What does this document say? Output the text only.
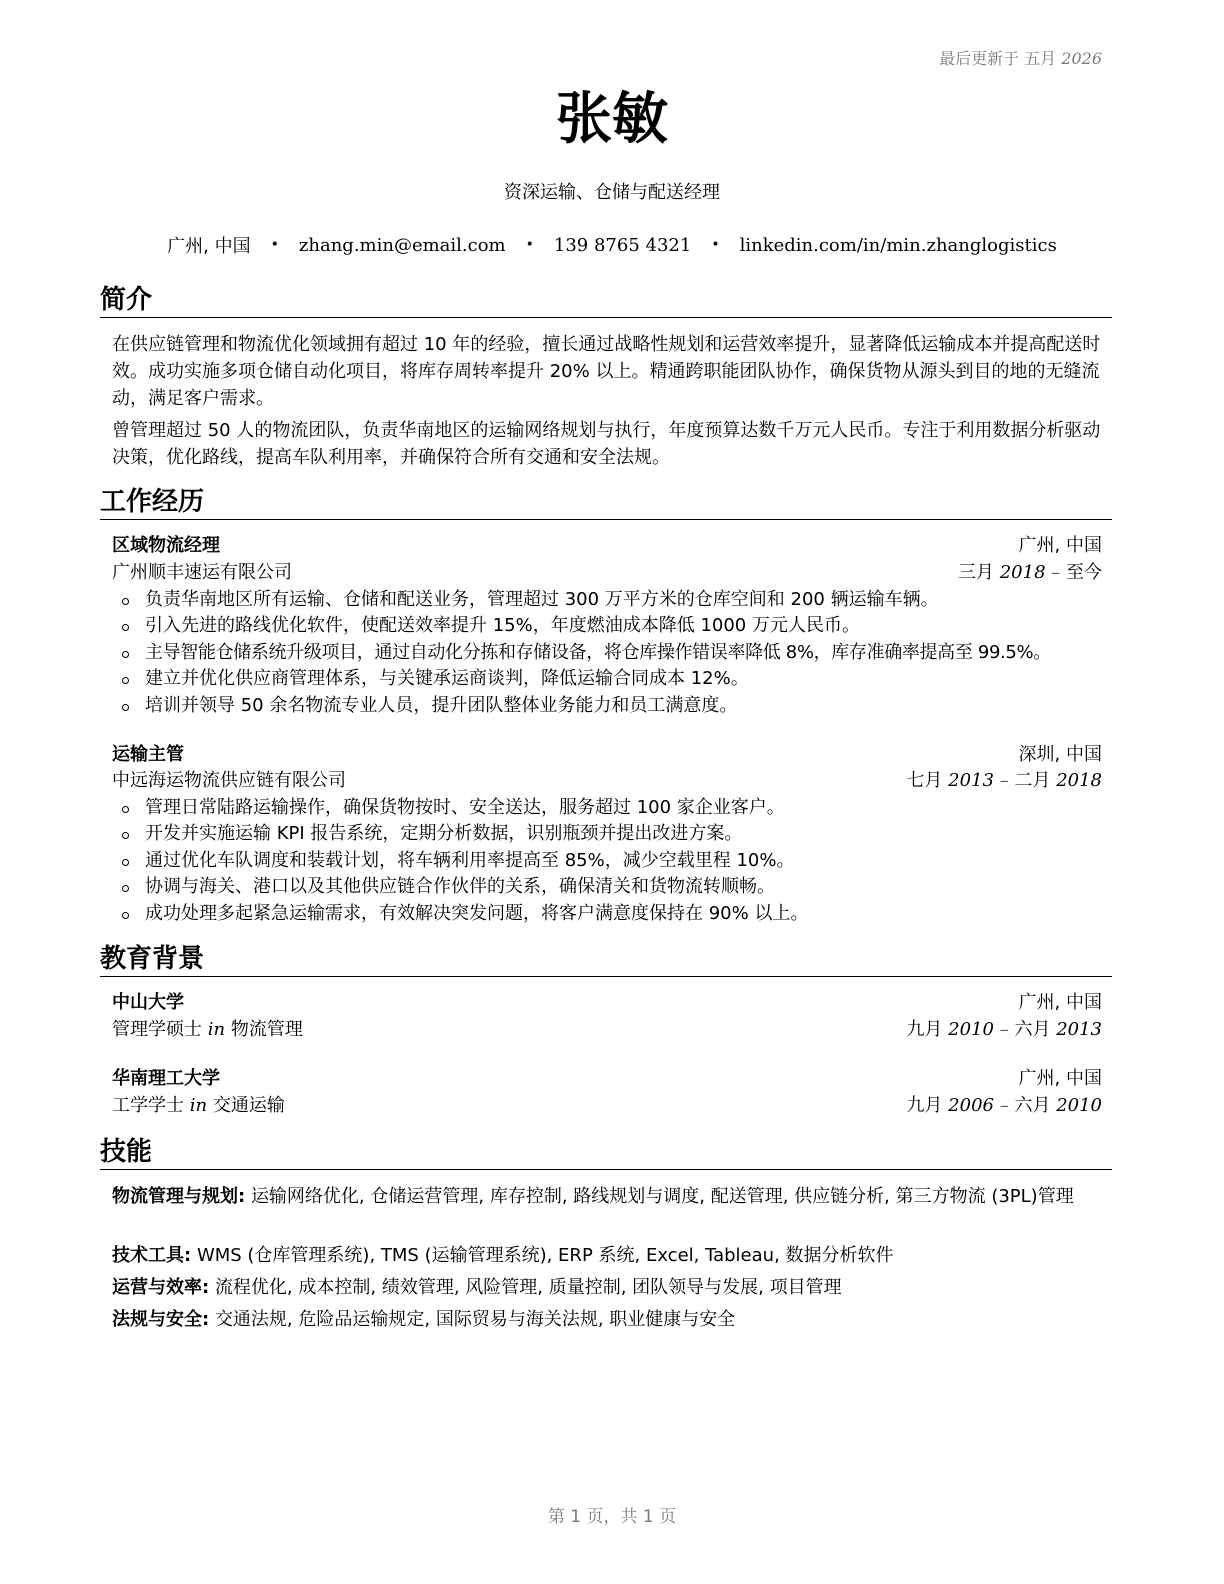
最后更新于 五月 2026
张敏
资深运输、仓储与配送经理
广州, 中国	•	zhang.min@email.com	•	139 8765 4321	•	linkedin.com/in/min.zhanglogistics
简介

在供应链管理和物流优化领域拥有超过 10 年的经验，擅长通过战略性规划和运营效率提升，显著降低运输成本并提高配送时效。成功实施多项仓储自动化项目，将库存周转率提升 20% 以上。精通跨职能团队协作，确保货物从源头到目的地的无缝流动，满足客户需求。

曾管理超过 50 人的物流团队，负责华南地区的运输网络规划与执行，年度预算达数千万元人民币。专注于利用数据分析驱动决策，优化路线，提高车队利用率，并确保符合所有交通和安全法规。

工作经历
区域物流经理	广州, 中国
广州顺丰速运有限公司	三月 2018 – 至今
负责华南地区所有运输、仓储和配送业务，管理超过 300 万平方米的仓库空间和 200 辆运输车辆。
引入先进的路线优化软件，使配送效率提升 15%，年度燃油成本降低 1000 万元人民币。
主导智能仓储系统升级项目，通过自动化分拣和存储设备，将仓库操作错误率降低 8%，库存准确率提高至 99.5%。
建立并优化供应商管理体系，与关键承运商谈判，降低运输合同成本 12%。
培训并领导 50 余名物流专业人员，提升团队整体业务能力和员工满意度。
运输主管	深圳, 中国
中远海运物流供应链有限公司	七月 2013 – 二月 2018
管理日常陆路运输操作，确保货物按时、安全送达，服务超过 100 家企业客户。
开发并实施运输 KPI 报告系统，定期分析数据，识别瓶颈并提出改进方案。
通过优化车队调度和装载计划，将车辆利用率提高至 85%，减少空载里程 10%。
协调与海关、港口以及其他供应链合作伙伴的关系，确保清关和货物流转顺畅。
成功处理多起紧急运输需求，有效解决突发问题，将客户满意度保持在 90% 以上。
教育背景
中山大学	广州, 中国
管理学硕士 in 物流管理	九月 2010 – 六月 2013
华南理工大学	广州, 中国
工学学士 in 交通运输	九月 2006 – 六月 2010
技能

物流管理与规划: 运输网络优化, 仓储运营管理, 库存控制, 路线规划与调度, 配送管理, 供应链分析, 第三方物流 (3PL)管理

技术工具: WMS (仓库管理系统), TMS (运输管理系统), ERP 系统, Excel, Tableau, 数据分析软件

运营与效率: 流程优化, 成本控制, 绩效管理, 风险管理, 质量控制, 团队领导与发展, 项目管理

法规与安全: 交通法规, 危险品运输规定, 国际贸易与海关法规, 职业健康与安全

第 1 页，共 1 页
